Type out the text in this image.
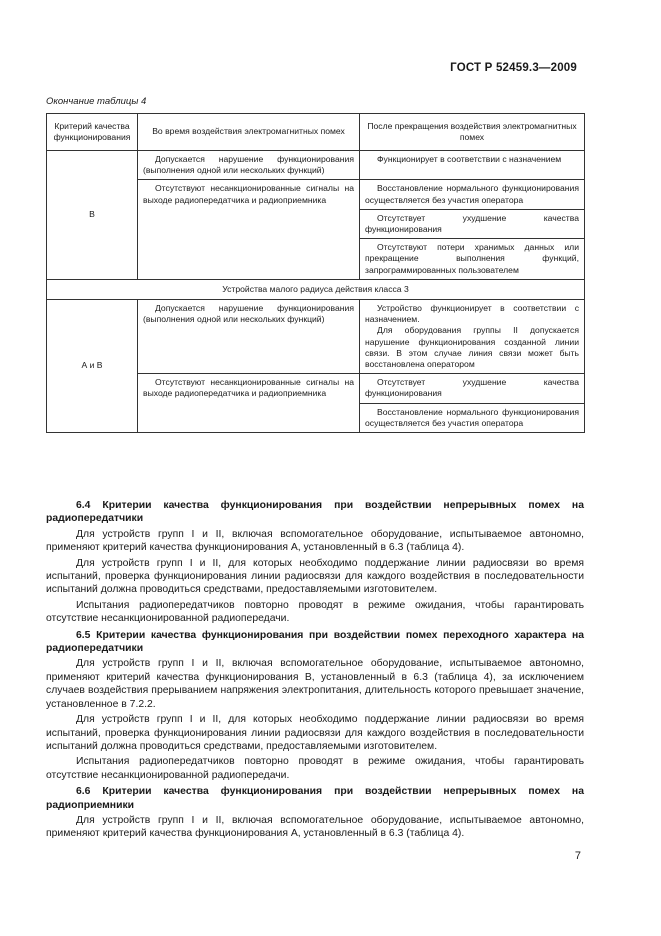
ГОСТ Р 52459.3—2009
Окончание таблицы 4
Критерий качества функционирования	Во время воздействия электромагнитных помех	После прекращения воздействия электромагнитных помех
В	Допускается нарушение функционирования (выполнения одной или нескольких функций)	Функционирует в соответствии с назначением

	Отсутствуют несанкционированные сигналы на выходе радиопередатчика и радиоприемника	Восстановление нормального функционирования осуществляется без участия оператора

		Отсутствует ухудшение качества функционирования

		Отсутствуют потери хранимых данных или прекращение выполнения функций, запрограммированных пользователем

Устройства малого радиуса действия класса 3		
А и В	Допускается нарушение функционирования (выполнения одной или нескольких функций)	Устройство функционирует в соответствии с назначением.

Для оборудования группы II допускается нарушение функционирования созданной линии связи. В этом случае линия связи может быть восстановлена оператором

	Отсутствуют несанкционированные сигналы на выходе радиопередатчика и радиоприемника	Отсутствует ухудшение качества функционирования

		Восстановление нормального функционирования осуществляется без участия оператора

6.4 Критерии качества функционирования при воздействии непрерывных помех на радиопередатчики

Для устройств групп I и II, включая вспомогательное оборудование, испытываемое автономно, применяют критерий качества функционирования А, установленный в 6.3 (таблица 4).

Для устройств групп I и II, для которых необходимо поддержание линии радиосвязи во время испытаний, проверка функционирования линии радиосвязи для каждого воздействия в последовательности испытаний должна проводиться средствами, предоставляемыми изготовителем.

Испытания радиопередатчиков повторно проводят в режиме ожидания, чтобы гарантировать отсутствие несанкционированной радиопередачи.

6.5 Критерии качества функционирования при воздействии помех переходного характера на радиопередатчики

Для устройств групп I и II, включая вспомогательное оборудование, испытываемое автономно, применяют критерий качества функционирования В, установленный в 6.3 (таблица 4), за исключением случаев воздействия прерыванием напряжения электропитания, длительность которого превышает значение, установленное в 7.2.2.

Для устройств групп I и II, для которых необходимо поддержание линии радиосвязи во время испытаний, проверка функционирования линии радиосвязи для каждого воздействия в последовательности испытаний должна проводиться средствами, предоставляемыми изготовителем.

Испытания радиопередатчиков повторно проводят в режиме ожидания, чтобы гарантировать отсутствие несанкционированной радиопередачи.

6.6 Критерии качества функционирования при воздействии непрерывных помех на радиоприемники

Для устройств групп I и II, включая вспомогательное оборудование, испытываемое автономно, применяют критерий качества функционирования А, установленный в 6.3 (таблица 4).

7
